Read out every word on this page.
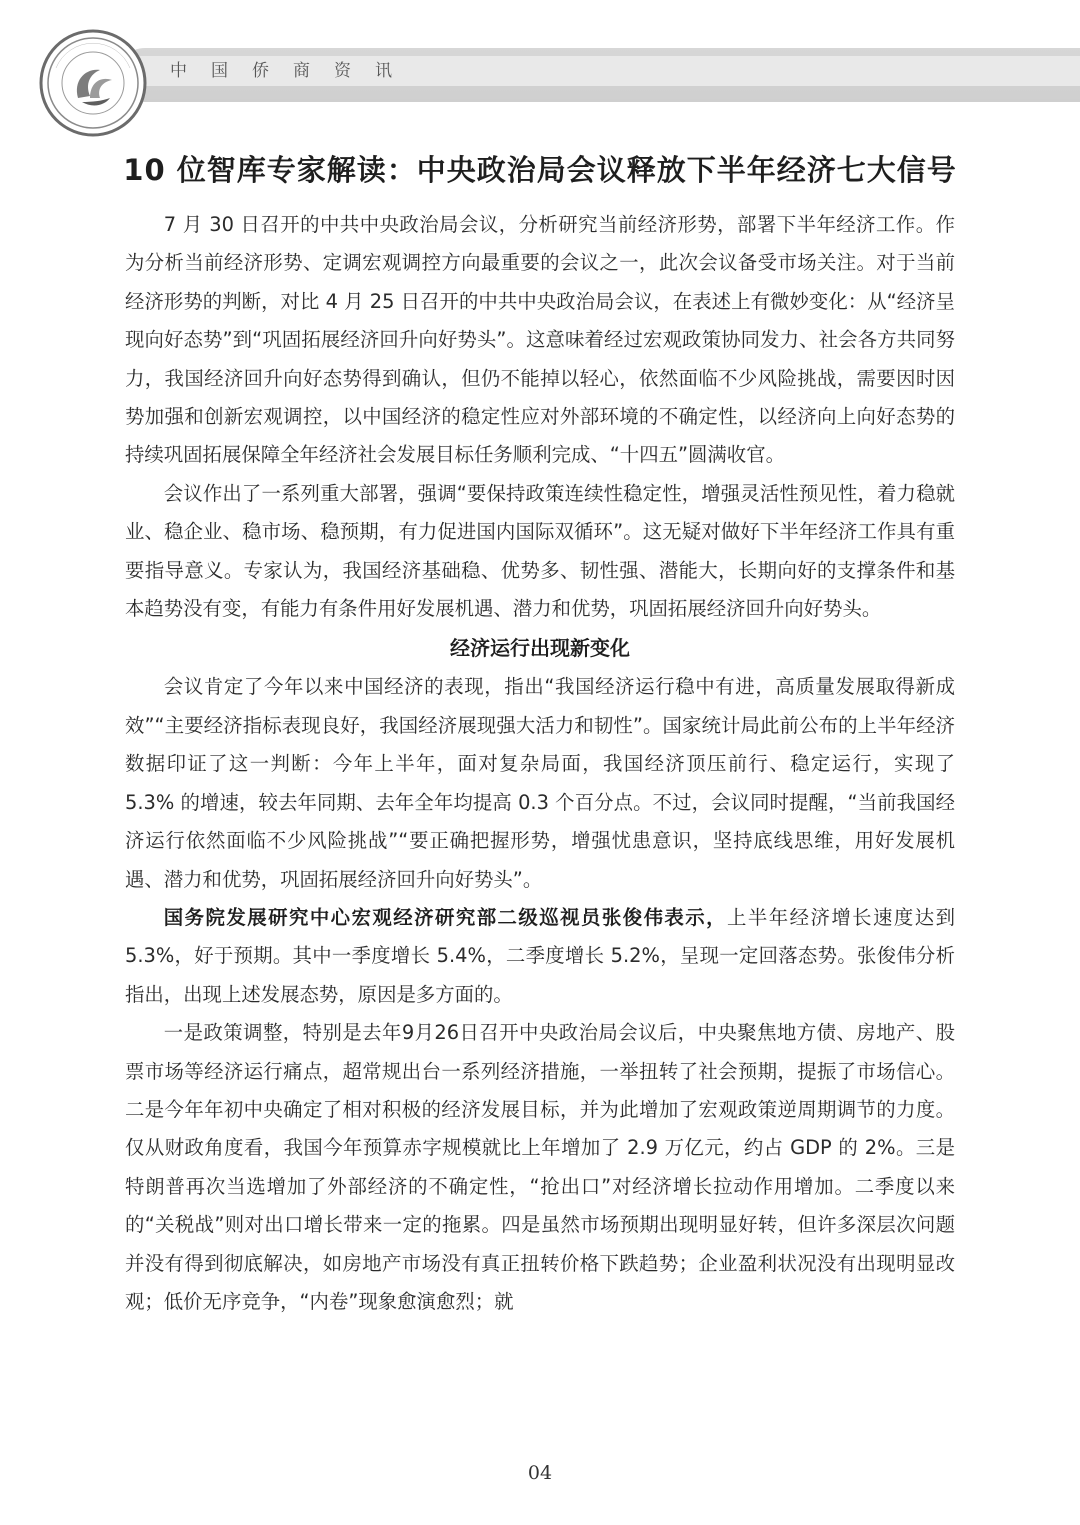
中国侨商资讯
10 位智库专家解读：中央政治局会议释放下半年经济七大信号

7 月 30 日召开的中共中央政治局会议，分析研究当前经济形势，部署下半年经济工作。作为分析当前经济形势、定调宏观调控方向最重要的会议之一，此次会议备受市场关注。对于当前经济形势的判断，对比 4 月 25 日召开的中共中央政治局会议，在表述上有微妙变化：从“经济呈现向好态势”到“巩固拓展经济回升向好势头”。这意味着经过宏观政策协同发力、社会各方共同努力，我国经济回升向好态势得到确认，但仍不能掉以轻心，依然面临不少风险挑战，需要因时因势加强和创新宏观调控，以中国经济的稳定性应对外部环境的不确定性，以经济向上向好态势的持续巩固拓展保障全年经济社会发展目标任务顺利完成、“十四五”圆满收官。

会议作出了一系列重大部署，强调“要保持政策连续性稳定性，增强灵活性预见性，着力稳就业、稳企业、稳市场、稳预期，有力促进国内国际双循环”。这无疑对做好下半年经济工作具有重要指导意义。专家认为，我国经济基础稳、优势多、韧性强、潜能大，长期向好的支撑条件和基本趋势没有变，有能力有条件用好发展机遇、潜力和优势，巩固拓展经济回升向好势头。

经济运行出现新变化

会议肯定了今年以来中国经济的表现，指出“我国经济运行稳中有进，高质量发展取得新成效”“主要经济指标表现良好，我国经济展现强大活力和韧性”。国家统计局此前公布的上半年经济数据印证了这一判断：今年上半年，面对复杂局面，我国经济顶压前行、稳定运行，实现了 5.3% 的增速，较去年同期、去年全年均提高 0.3 个百分点。不过，会议同时提醒，“当前我国经济运行依然面临不少风险挑战”“要正确把握形势，增强忧患意识，坚持底线思维，用好发展机遇、潜力和优势，巩固拓展经济回升向好势头”。

国务院发展研究中心宏观经济研究部二级巡视员张俊伟表示，上半年经济增长速度达到 5.3%，好于预期。其中一季度增长 5.4%，二季度增长 5.2%，呈现一定回落态势。张俊伟分析指出，出现上述发展态势，原因是多方面的。

一是政策调整，特别是去年9月26日召开中央政治局会议后，中央聚焦地方债、房地产、股票市场等经济运行痛点，超常规出台一系列经济措施，一举扭转了社会预期，提振了市场信心。二是今年年初中央确定了相对积极的经济发展目标，并为此增加了宏观政策逆周期调节的力度。仅从财政角度看，我国今年预算赤字规模就比上年增加了 2.9 万亿元，约占 GDP 的 2%。三是特朗普再次当选增加了外部经济的不确定性，“抢出口”对经济增长拉动作用增加。二季度以来的“关税战”则对出口增长带来一定的拖累。四是虽然市场预期出现明显好转，但许多深层次问题并没有得到彻底解决，如房地产市场没有真正扭转价格下跌趋势；企业盈利状况没有出现明显改观；低价无序竞争，“内卷”现象愈演愈烈；就

04
